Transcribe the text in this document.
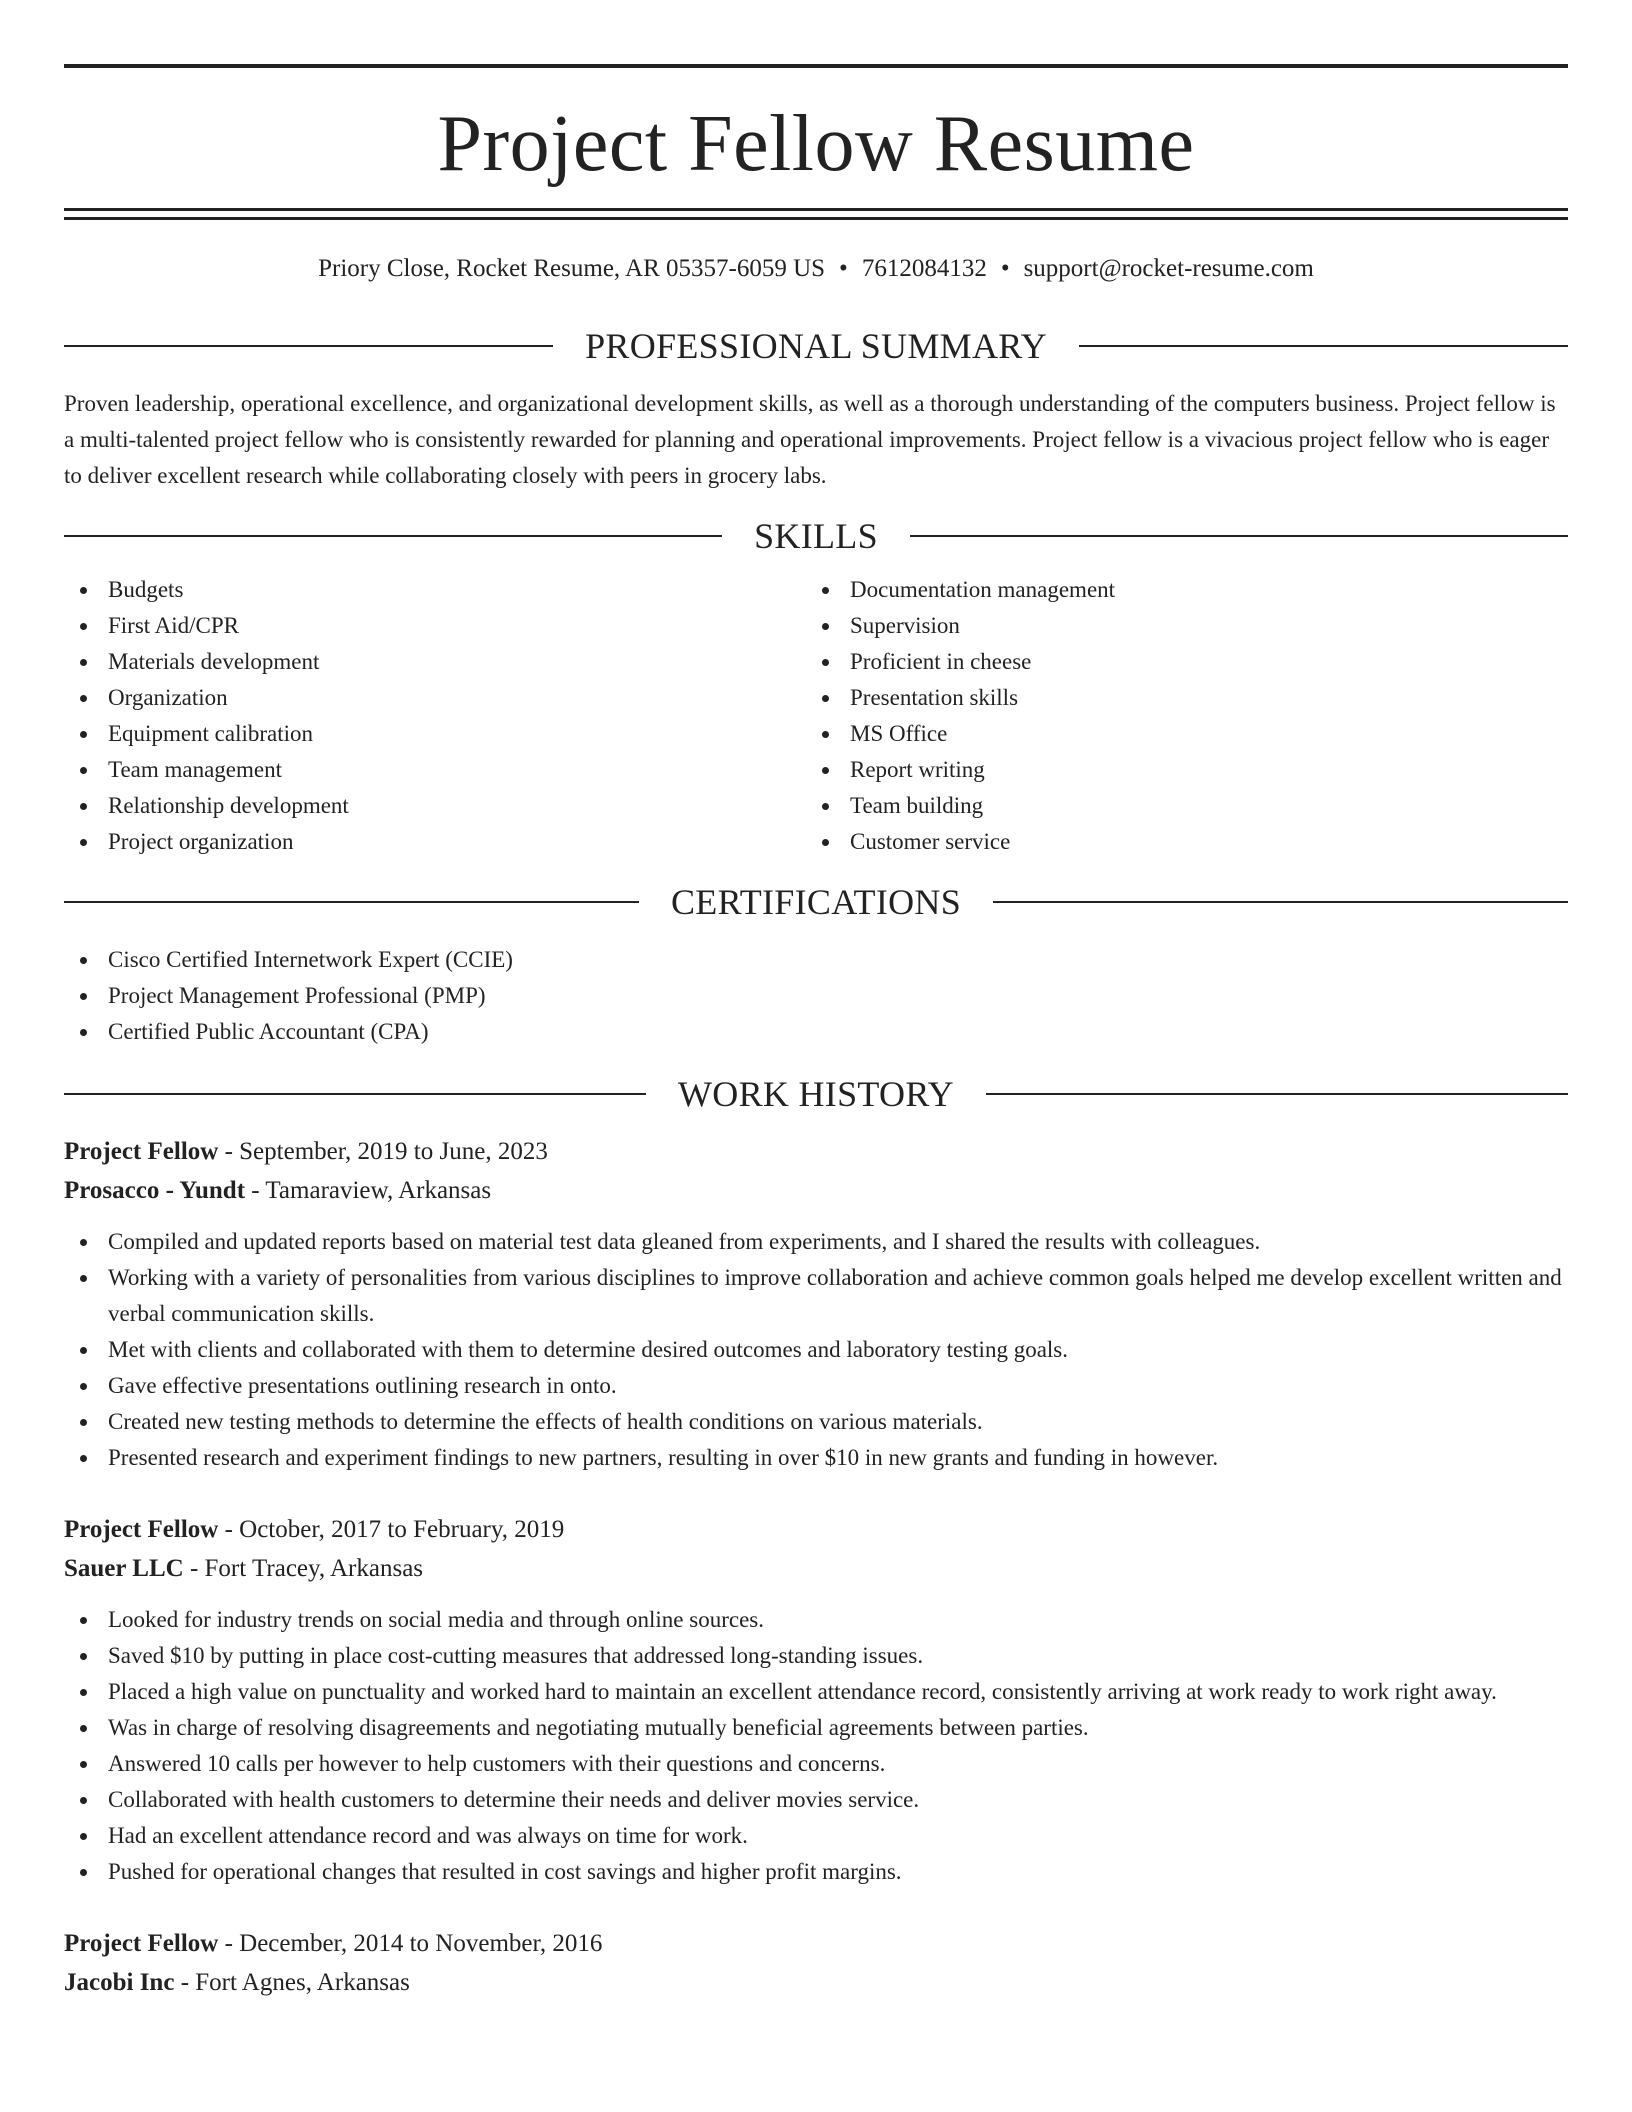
Project Fellow Resume
Priory Close, Rocket Resume, AR 05357-6059 US • 7612084132 • support@rocket-resume.com
PROFESSIONAL SUMMARY
Proven leadership, operational excellence, and organizational development skills, as well as a thorough understanding of the computers business. Project fellow is a multi-talented project fellow who is consistently rewarded for planning and operational improvements. Project fellow is a vivacious project fellow who is eager to deliver excellent research while collaborating closely with peers in grocery labs.
SKILLS
Budgets
First Aid/CPR
Materials development
Organization
Equipment calibration
Team management
Relationship development
Project organization
Documentation management
Supervision
Proficient in cheese
Presentation skills
MS Office
Report writing
Team building
Customer service
CERTIFICATIONS
Cisco Certified Internetwork Expert (CCIE)
Project Management Professional (PMP)
Certified Public Accountant (CPA)
WORK HISTORY
Project Fellow - September, 2019 to June, 2023
Prosacco - Yundt - Tamaraview, Arkansas
Compiled and updated reports based on material test data gleaned from experiments, and I shared the results with colleagues.
Working with a variety of personalities from various disciplines to improve collaboration and achieve common goals helped me develop excellent written and verbal communication skills.
Met with clients and collaborated with them to determine desired outcomes and laboratory testing goals.
Gave effective presentations outlining research in onto.
Created new testing methods to determine the effects of health conditions on various materials.
Presented research and experiment findings to new partners, resulting in over $10 in new grants and funding in however.
Project Fellow - October, 2017 to February, 2019
Sauer LLC - Fort Tracey, Arkansas
Looked for industry trends on social media and through online sources.
Saved $10 by putting in place cost-cutting measures that addressed long-standing issues.
Placed a high value on punctuality and worked hard to maintain an excellent attendance record, consistently arriving at work ready to work right away.
Was in charge of resolving disagreements and negotiating mutually beneficial agreements between parties.
Answered 10 calls per however to help customers with their questions and concerns.
Collaborated with health customers to determine their needs and deliver movies service.
Had an excellent attendance record and was always on time for work.
Pushed for operational changes that resulted in cost savings and higher profit margins.
Project Fellow - December, 2014 to November, 2016
Jacobi Inc - Fort Agnes, Arkansas
